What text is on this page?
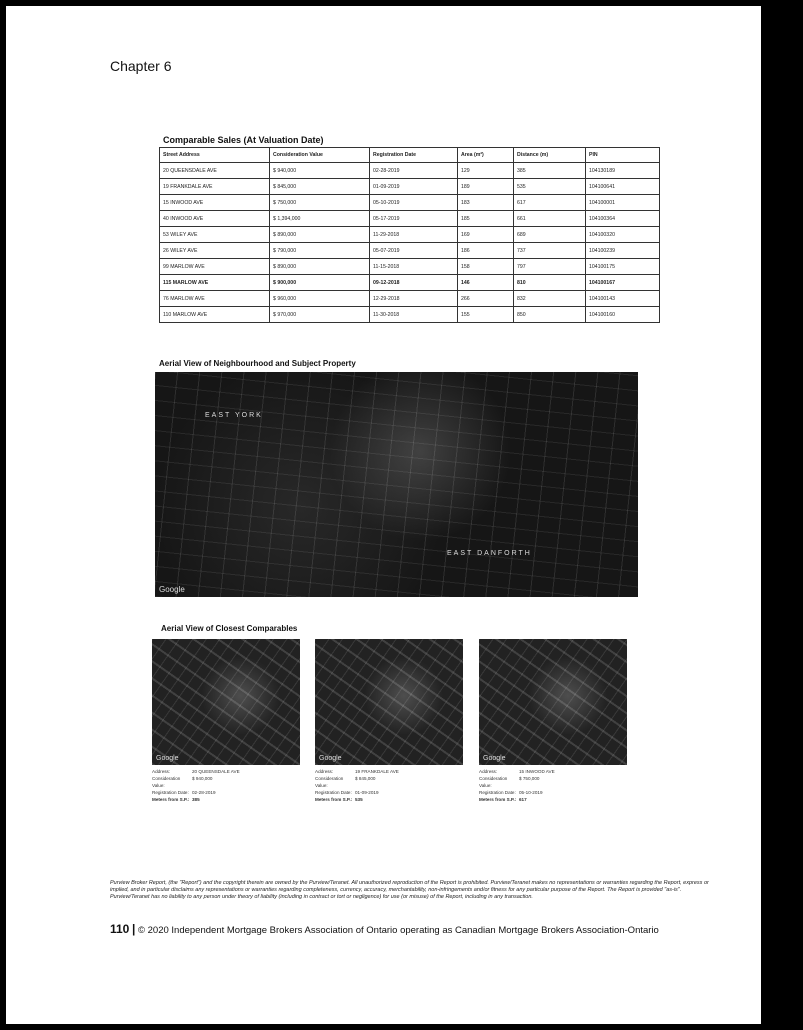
Chapter 6
Comparable Sales (At Valuation Date)
Street Address	Consideration Value	Registration Date	Area (m²)	Distance (m)	PIN
20 QUEENSDALE AVE	$ 940,000	02-28-2019	129	385	104130189
19 FRANKDALE AVE	$ 845,000	01-09-2019	189	535	104100641
15 INWOOD AVE	$ 750,000	05-10-2019	183	617	104100001
40 INWOOD AVE	$ 1,394,000	05-17-2019	185	661	104100364
53 WILEY AVE	$ 890,000	11-29-2018	169	689	104100320
26 WILEY AVE	$ 790,000	05-07-2019	186	737	104100239
99 MARLOW AVE	$ 890,000	11-15-2018	158	797	104100175
115 MARLOW AVE	$ 900,000	09-12-2018	146	810	104100167
76 MARLOW AVE	$ 960,000	12-29-2018	266	832	104100143
110 MARLOW AVE	$ 970,000	11-30-2018	155	850	104100160
Aerial View of Neighbourhood and Subject Property
EAST YORK
EAST DANFORTH
Google
Aerial View of Closest Comparables
Google	Google	Google
Address:	20 QUEENSDALE AVE
Consideration Value:
$ 940,000
Registration Date: 02-28-2019
Meters from S.P.: 385
Address:	19 FRANKDALE AVE
Consideration Value:
$ 845,000
Registration Date: 01-09-2019
Meters from S.P.: 535
Address:	15 INWOOD AVE
Consideration Value:
$ 750,000
Registration Date: 05-10-2019
Meters from S.P.: 617
Purview Broker Report, (the "Report") and the copyright therein are owned by the Purview/Teranet. All unauthorized reproduction of the Report is prohibited. Purview/Teranet makes no representations or warranties regarding the Report, express or implied, and in particular disclaims any representations or warranties regarding completeness, currency, accuracy, merchantability, non-infringements and/or fitness for any particular purpose of the Report. The Report is provided "as-is". Purview/Teranet has no liability to any person under theory of liability (including in contract or tort or negligence) for use (or misuse) of the Report, including in any transaction.
110 | © 2020 Independent Mortgage Brokers Association of Ontario operating as Canadian Mortgage Brokers Association-Ontario
